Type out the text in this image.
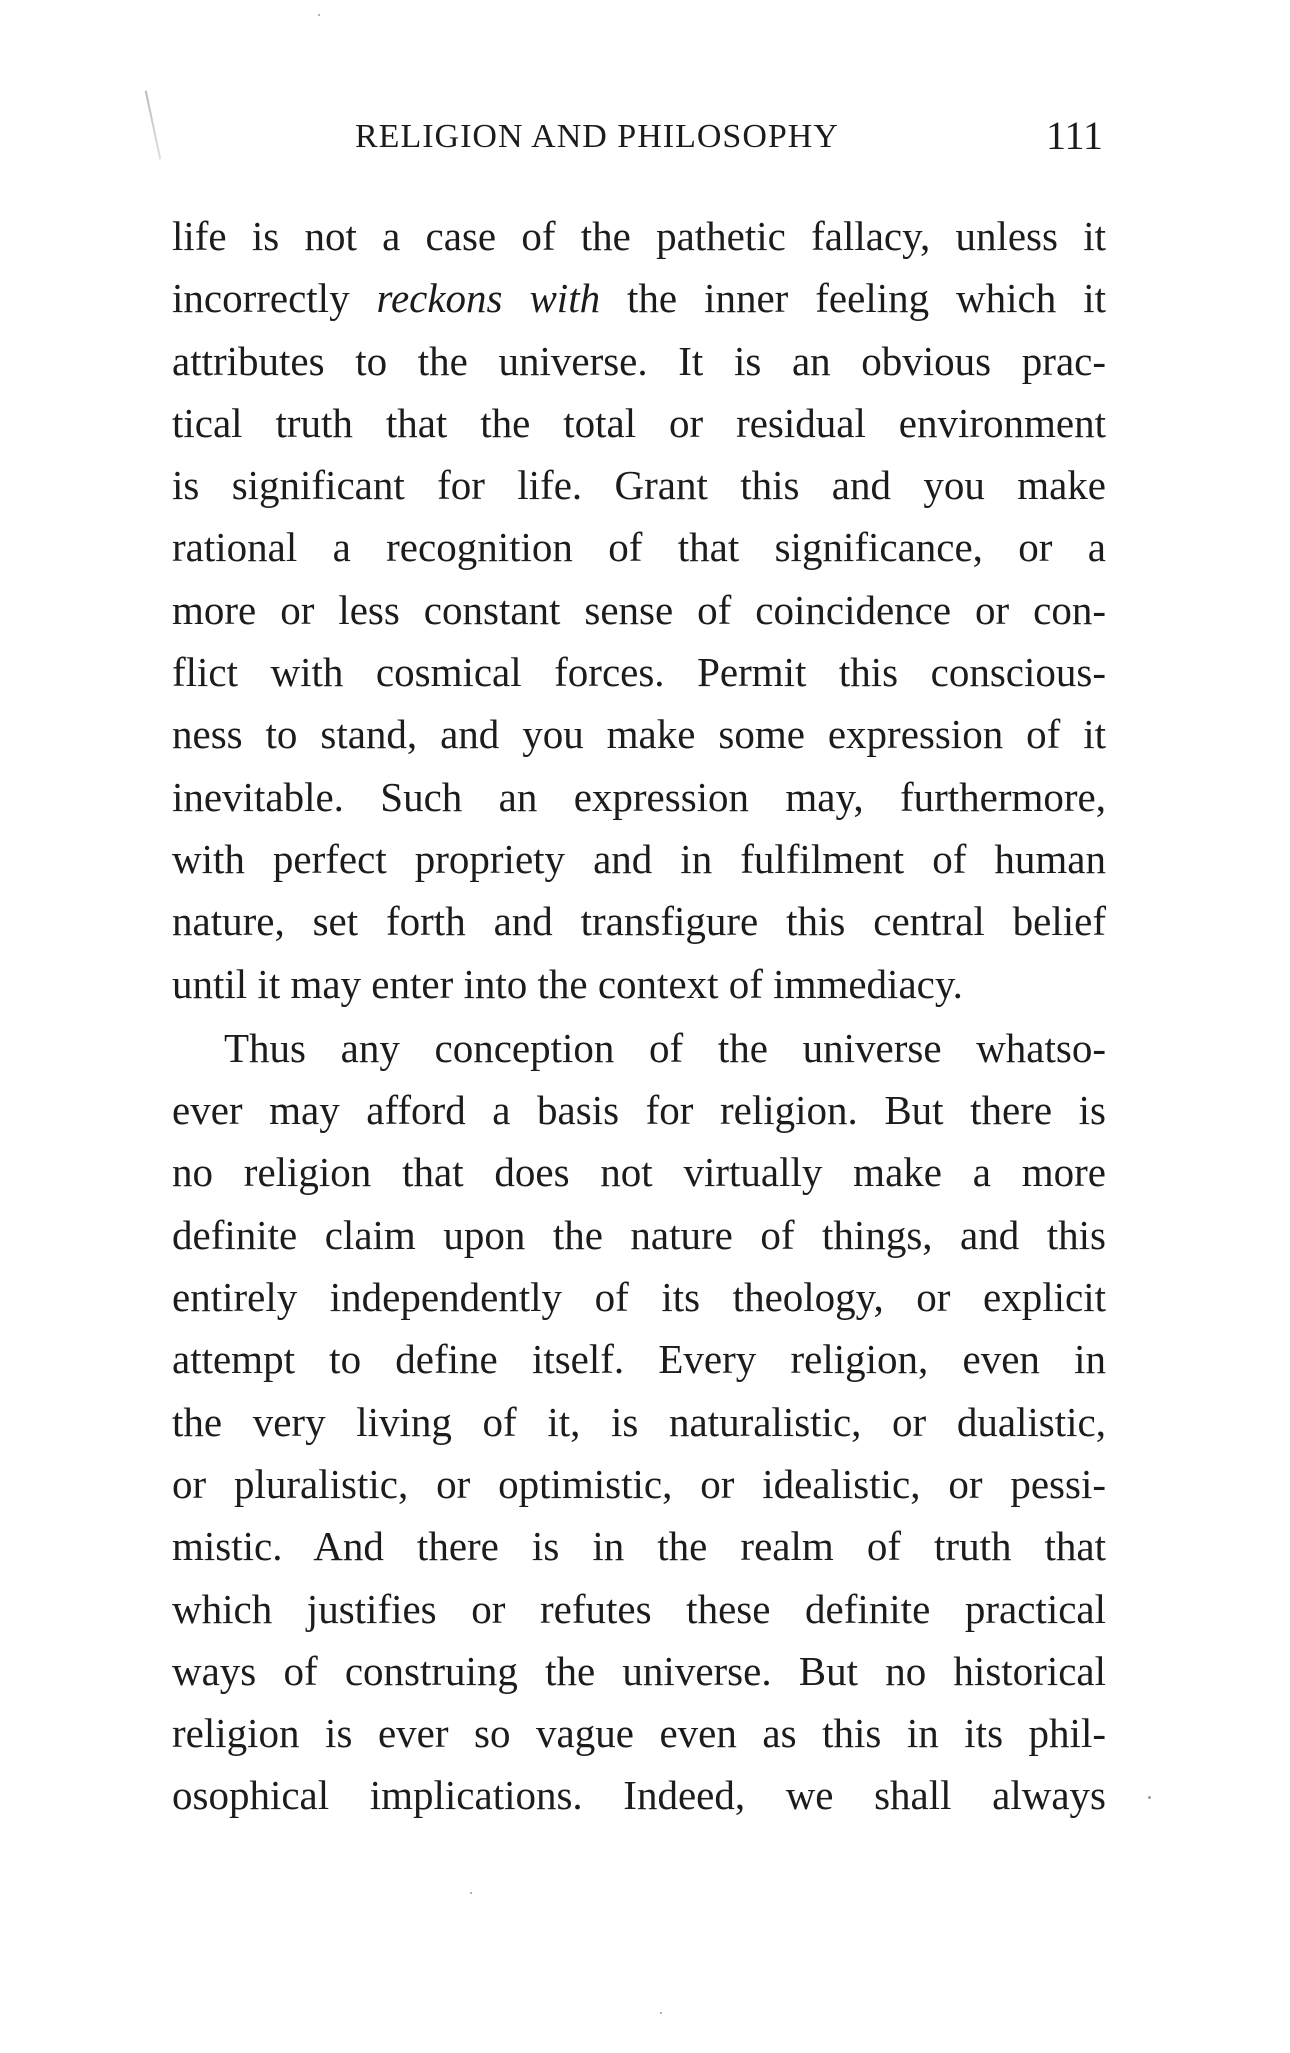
RELIGION AND PHILOSOPHY	111
life is not a case of the pathetic fallacy, unless it
incorrectly reckons with the inner feeling which it
attributes to the universe. It is an obvious prac-
tical truth that the total or residual environment
is significant for life. Grant this and you make
rational a recognition of that significance, or a
more or less constant sense of coincidence or con-
flict with cosmical forces. Permit this conscious-
ness to stand, and you make some expression of it
inevitable. Such an expression may, furthermore,
with perfect propriety and in fulfilment of human
nature, set forth and transfigure this central belief
until it may enter into the context of immediacy.
Thus any conception of the universe whatso-
ever may afford a basis for religion. But there is
no religion that does not virtually make a more
definite claim upon the nature of things, and this
entirely independently of its theology, or explicit
attempt to define itself. Every religion, even in
the very living of it, is naturalistic, or dualistic,
or pluralistic, or optimistic, or idealistic, or pessi-
mistic. And there is in the realm of truth that
which justifies or refutes these definite practical
ways of construing the universe. But no historical
religion is ever so vague even as this in its phil-
osophical implications. Indeed, we shall always
